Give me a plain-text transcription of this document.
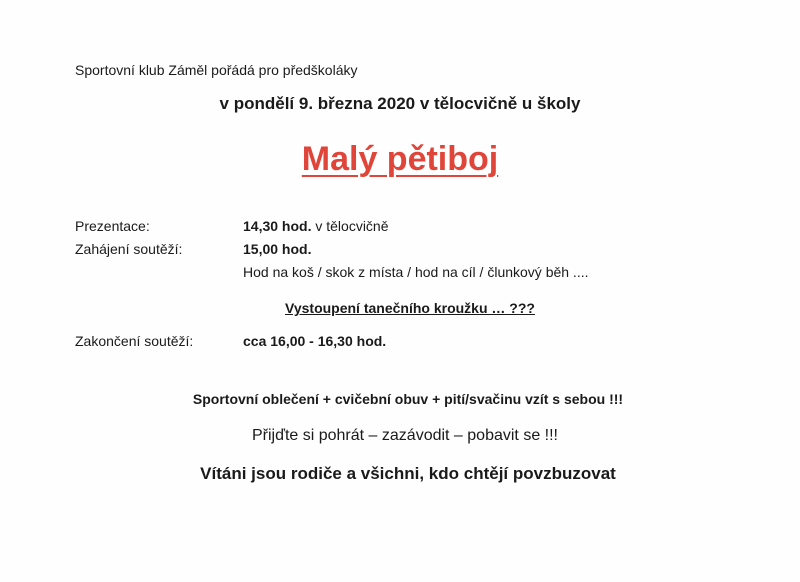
Sportovní klub Záměl pořádá pro předškoláky
v pondělí 9. března 2020 v tělocvičně u školy
Malý pětiboj
Prezentace:	14,30 hod. v tělocvičně
Zahájení soutěží:	15,00 hod.
Hod na koš / skok z místa / hod na cíl / člunkový běh ....
Vystoupení tanečního kroužku … ???
Zakončení soutěží:	cca 16,00 - 16,30 hod.
Sportovní oblečení + cvičební obuv + pití/svačinu vzít s sebou !!!
Přijďte si pohrát – zazávodit – pobavit se !!!
Vítáni jsou rodiče a všichni, kdo chtějí povzbuzovat
